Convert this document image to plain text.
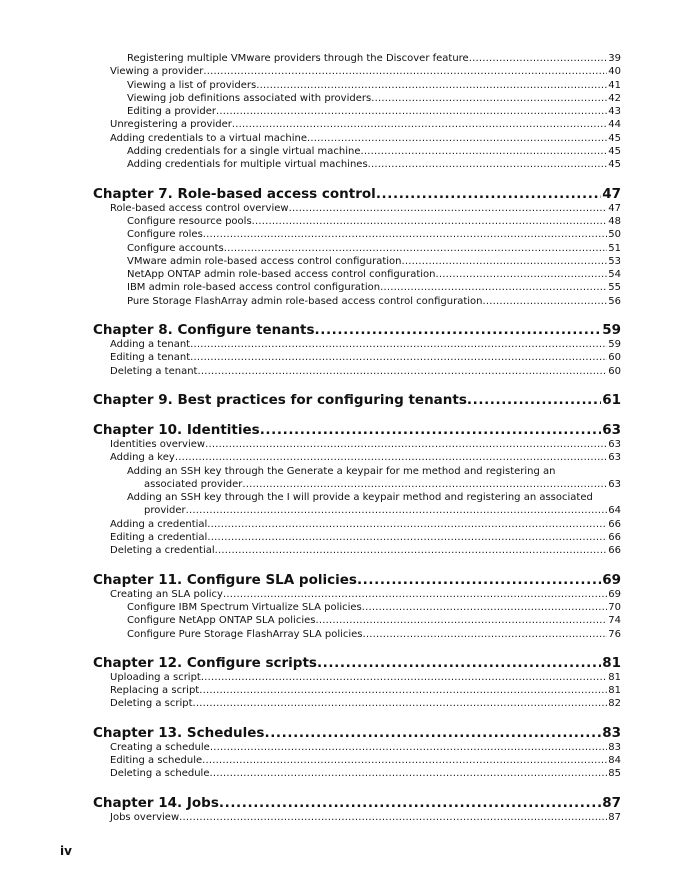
Registering multiple VMware providers through the Discover feature .....	39
Viewing a provider .....	40
Viewing a list of providers .....	41
Viewing job definitions associated with providers .....	42
Editing a provider .....	43
Unregistering a provider .....	44
Adding credentials to a virtual machine .....	45
Adding credentials for a single virtual machine .....	45
Adding credentials for multiple virtual machines .....	45
Chapter 7. Role-based access control .....	47
Role-based access control overview .....	47
Configure resource pools .....	48
Configure roles .....	50
Configure accounts .....	51
VMware admin role-based access control configuration .....	53
NetApp ONTAP admin role-based access control configuration .....	54
IBM admin role-based access control configuration .....	55
Pure Storage FlashArray admin role-based access control configuration .....	56
Chapter 8. Configure tenants .....	59
Adding a tenant .....	59
Editing a tenant .....	60
Deleting a tenant .....	60
Chapter 9. Best practices for configuring tenants .....	61
Chapter 10. Identities .....	63
Identities overview .....	63
Adding a key .....	63
Adding an SSH key through the Generate a keypair for me method and registering an
associated provider .....	63
Adding an SSH key through the I will provide a keypair method and registering an associated
provider .....	64
Adding a credential .....	66
Editing a credential .....	66
Deleting a credential .....	66
Chapter 11. Configure SLA policies .....	69
Creating an SLA policy .....	69
Configure IBM Spectrum Virtualize SLA policies .....	70
Configure NetApp ONTAP SLA policies .....	74
Configure Pure Storage FlashArray SLA policies .....	76
Chapter 12. Configure scripts .....	81
Uploading a script .....	81
Replacing a script .....	81
Deleting a script .....	82
Chapter 13. Schedules .....	83
Creating a schedule .....	83
Editing a schedule .....	84
Deleting a schedule .....	85
Chapter 14. Jobs .....	87
Jobs overview .....	87
iv
